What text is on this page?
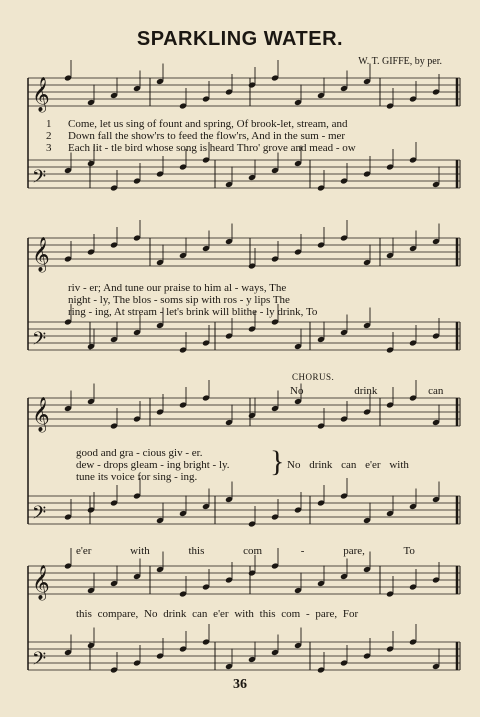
SPARKLING WATER.
W. T. GIFFE, by per.
𝄞
𝄢
𝄞
𝄢
𝄞
𝄢
𝄞
𝄢
1 Come, let us sing of fount and spring, Of brook-let, stream, and
2 Down fall the show'rs to feed the flow'rs, And in the sum - mer
3 Each lit - tle bird whose song is heard Thro' grove and mead - ow
riv - er; And tune our praise to him al - ways, The
night - ly, The blos - soms sip with ros - y lips The
ring - ing, At stream - let's brink will blithe - ly drink, To
CHORUS.
No drink can
good and gra - cious giv - er.
dew - drops gleam - ing bright - ly.
tune its voice for sing - ing.
No drink can e'er with
}
e'er with this com - pare, To
this compare, No drink can e'er with this com - pare, For
36
